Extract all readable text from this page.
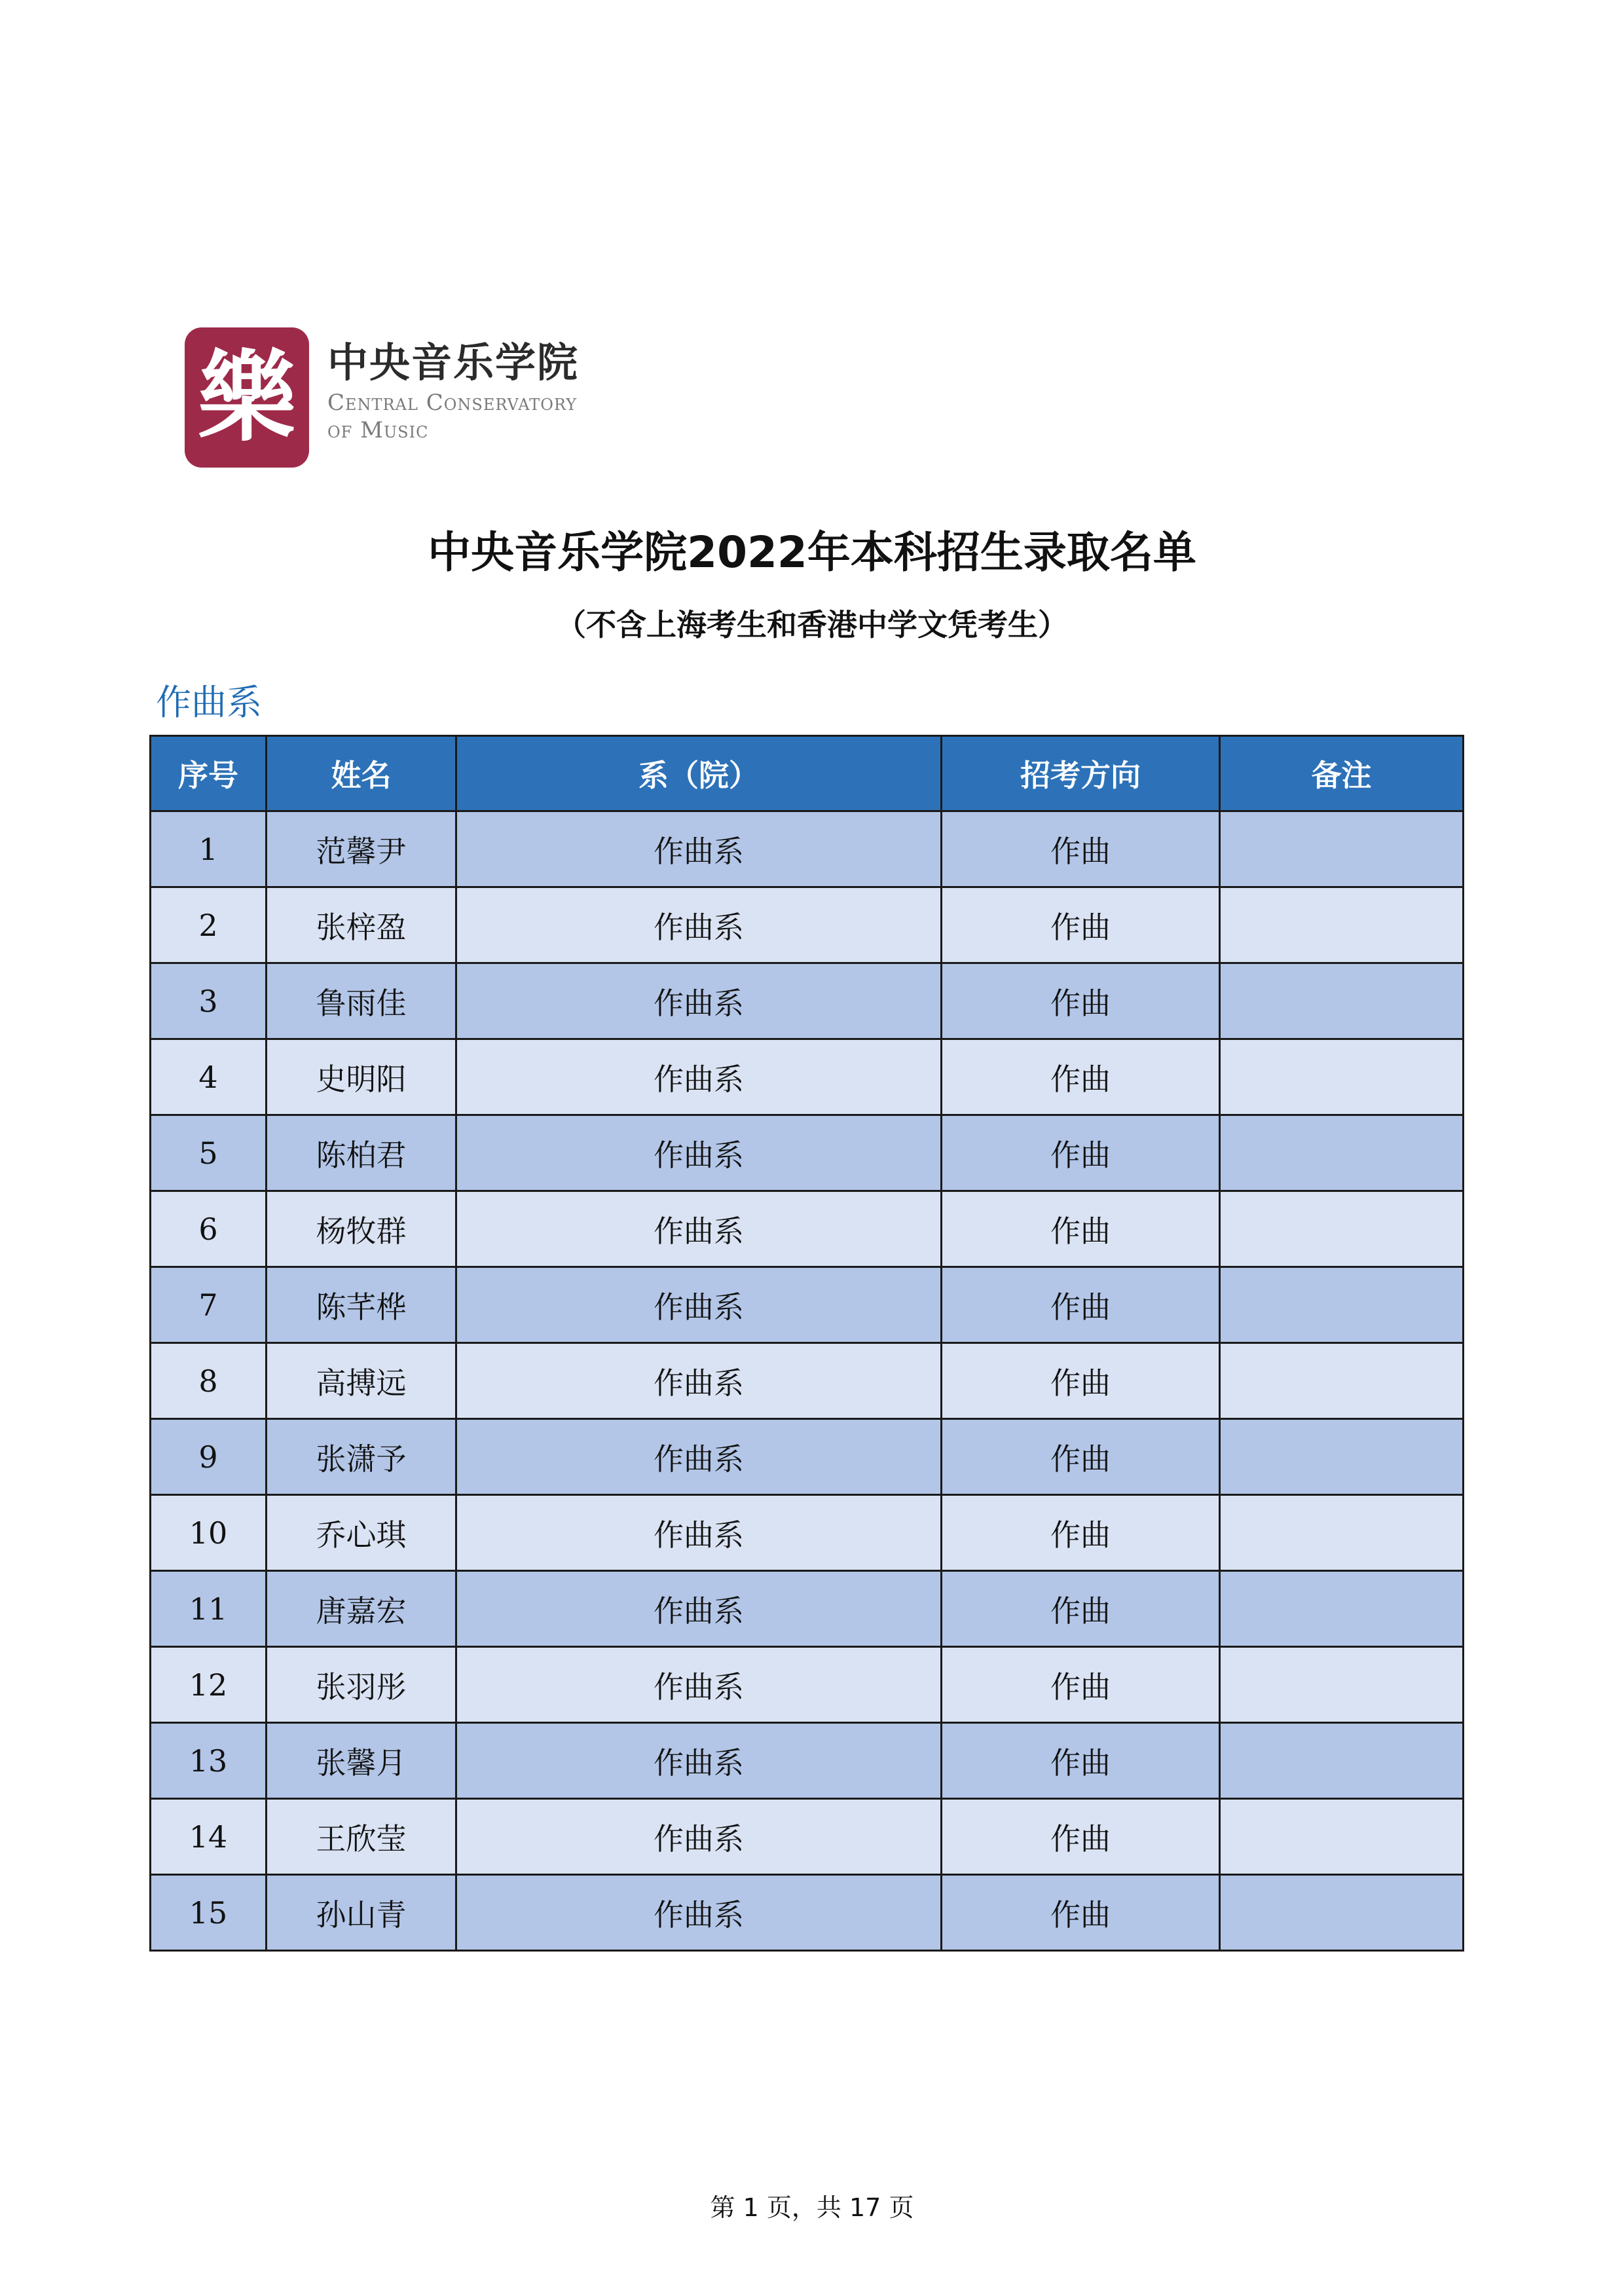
樂 中央音乐学院
Central Conservatory
of Music
中央音乐学院2022年本科招生录取名单
（不含上海考生和香港中学文凭考生）
作曲系
序号	姓名	系（院）	招考方向	备注
1	范馨尹	作曲系	作曲	
2	张梓盈	作曲系	作曲	
3	鲁雨佳	作曲系	作曲	
4	史明阳	作曲系	作曲	
5	陈柏君	作曲系	作曲	
6	杨牧群	作曲系	作曲	
7	陈芊桦	作曲系	作曲	
8	高搏远	作曲系	作曲	
9	张潇予	作曲系	作曲	
10	乔心琪	作曲系	作曲	
11	唐嘉宏	作曲系	作曲	
12	张羽彤	作曲系	作曲	
13	张馨月	作曲系	作曲	
14	王欣莹	作曲系	作曲	
15	孙山青	作曲系	作曲	
第 1 页，共 17 页
